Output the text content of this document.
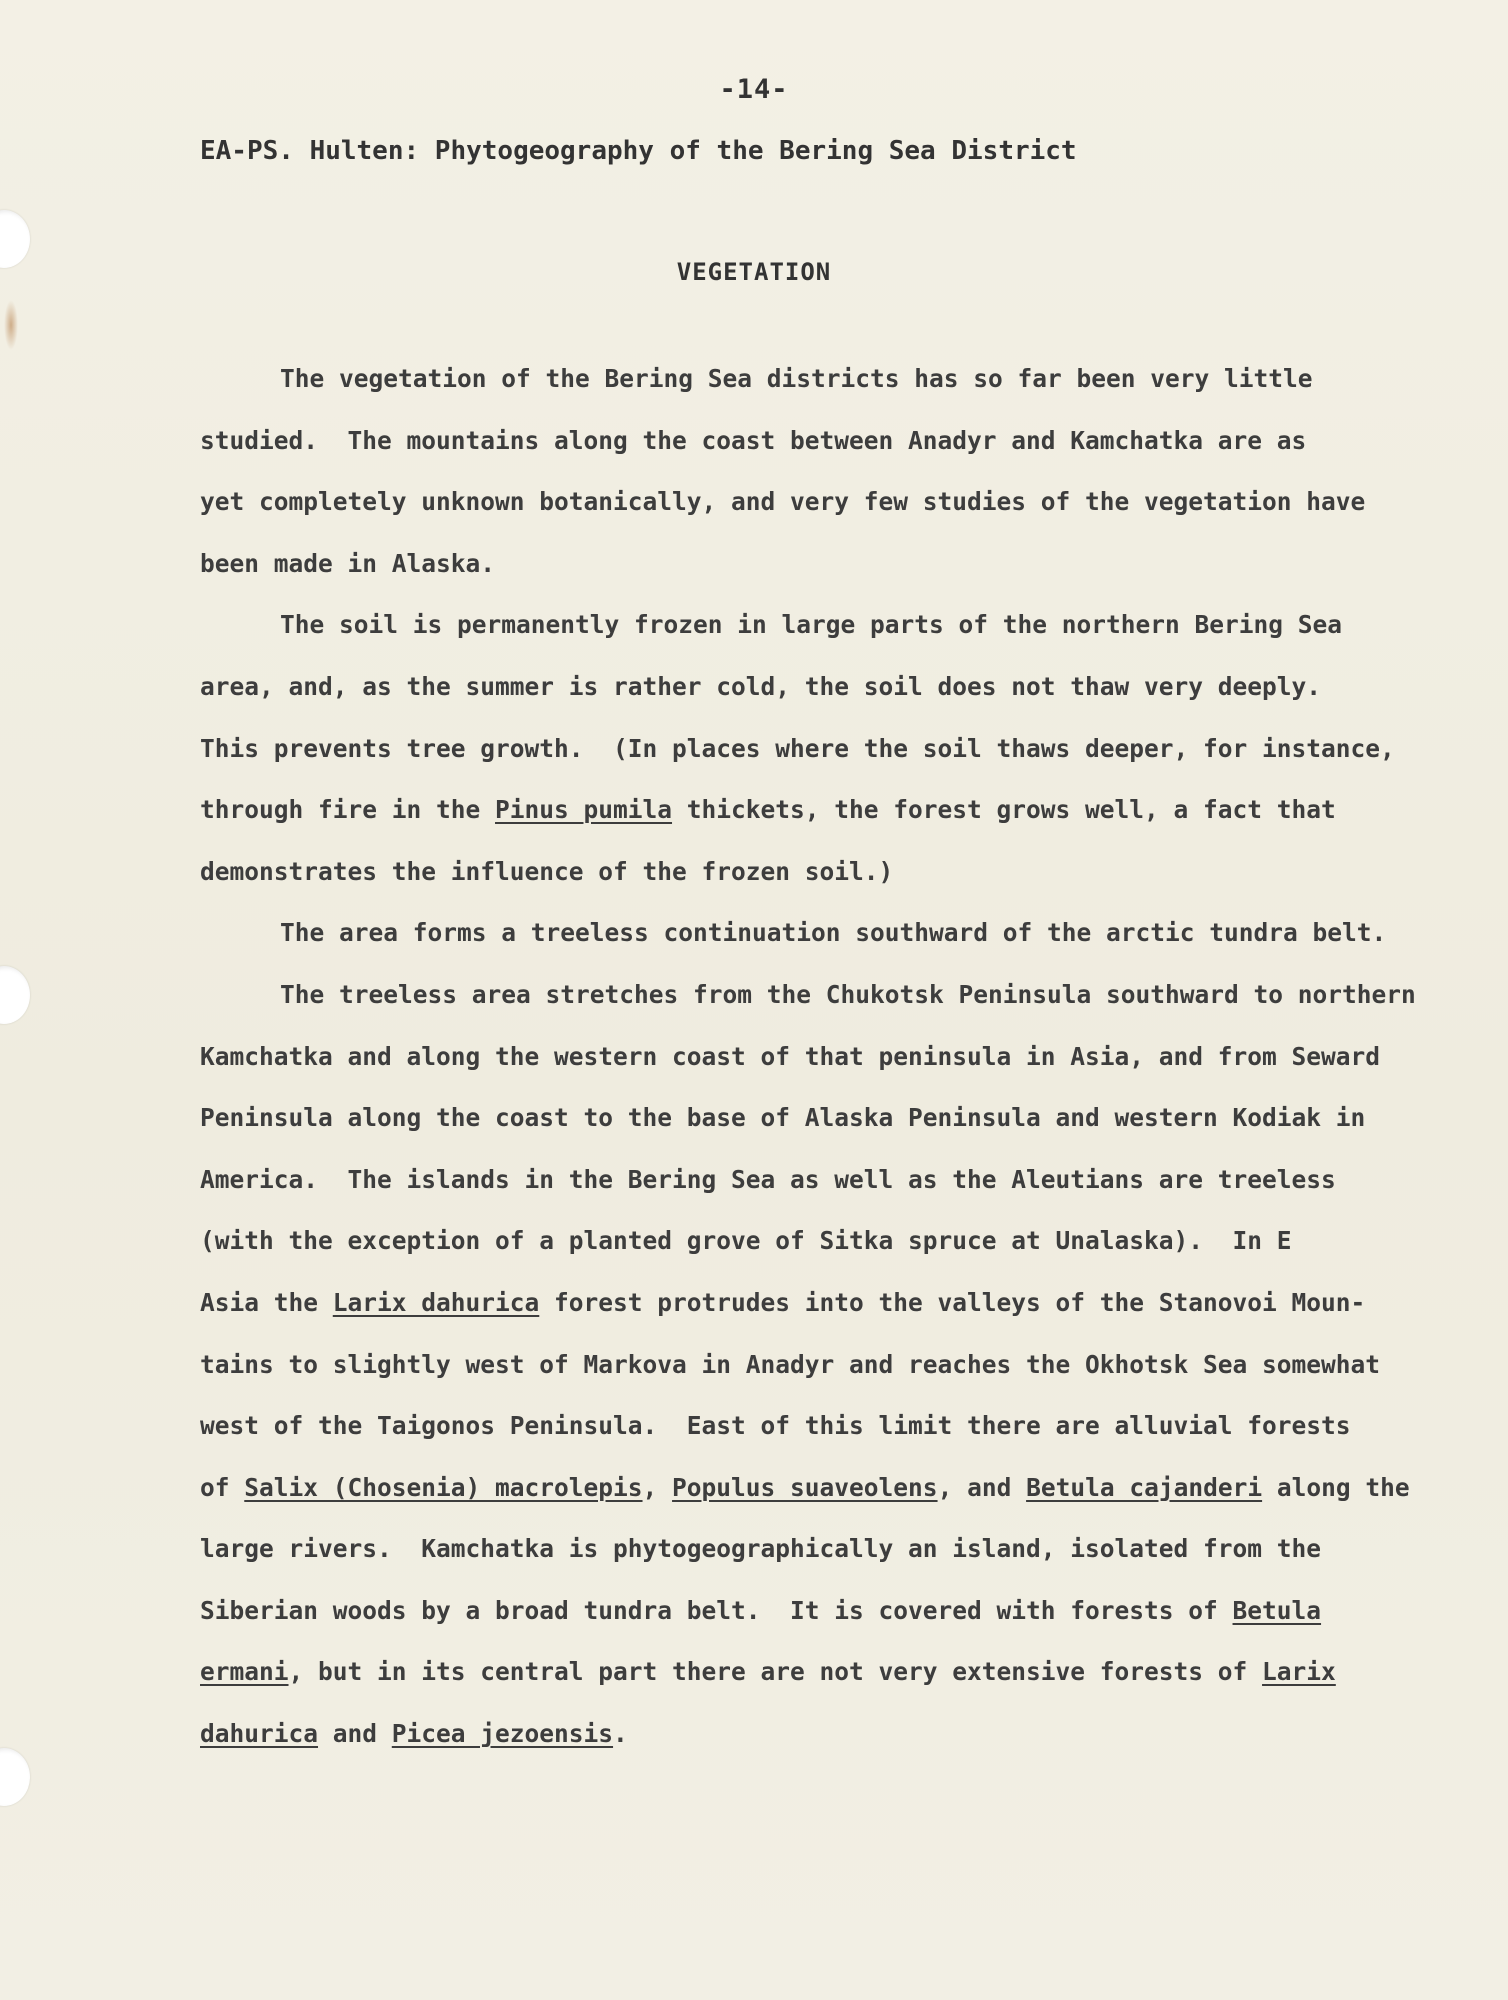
-14-
EA-PS. Hulten: Phytogeography of the Bering Sea District
VEGETATION
The vegetation of the Bering Sea districts has so far been very little
studied.  The mountains along the coast between Anadyr and Kamchatka are as
yet completely unknown botanically, and very few studies of the vegetation have
been made in Alaska.
The soil is permanently frozen in large parts of the northern Bering Sea
area, and, as the summer is rather cold, the soil does not thaw very deeply.
This prevents tree growth.  (In places where the soil thaws deeper, for instance,
through fire in the Pinus pumila thickets, the forest grows well, a fact that
demonstrates the influence of the frozen soil.)
The area forms a treeless continuation southward of the arctic tundra belt.
The treeless area stretches from the Chukotsk Peninsula southward to northern
Kamchatka and along the western coast of that peninsula in Asia, and from Seward
Peninsula along the coast to the base of Alaska Peninsula and western Kodiak in
America.  The islands in the Bering Sea as well as the Aleutians are treeless
(with the exception of a planted grove of Sitka spruce at Unalaska).  In E
Asia the Larix dahurica forest protrudes into the valleys of the Stanovoi Moun-
tains to slightly west of Markova in Anadyr and reaches the Okhotsk Sea somewhat
west of the Taigonos Peninsula.  East of this limit there are alluvial forests
of Salix (Chosenia) macrolepis, Populus suaveolens, and Betula cajanderi along the
large rivers.  Kamchatka is phytogeographically an island, isolated from the
Siberian woods by a broad tundra belt.  It is covered with forests of Betula
ermani, but in its central part there are not very extensive forests of Larix
dahurica and Picea jezoensis.
